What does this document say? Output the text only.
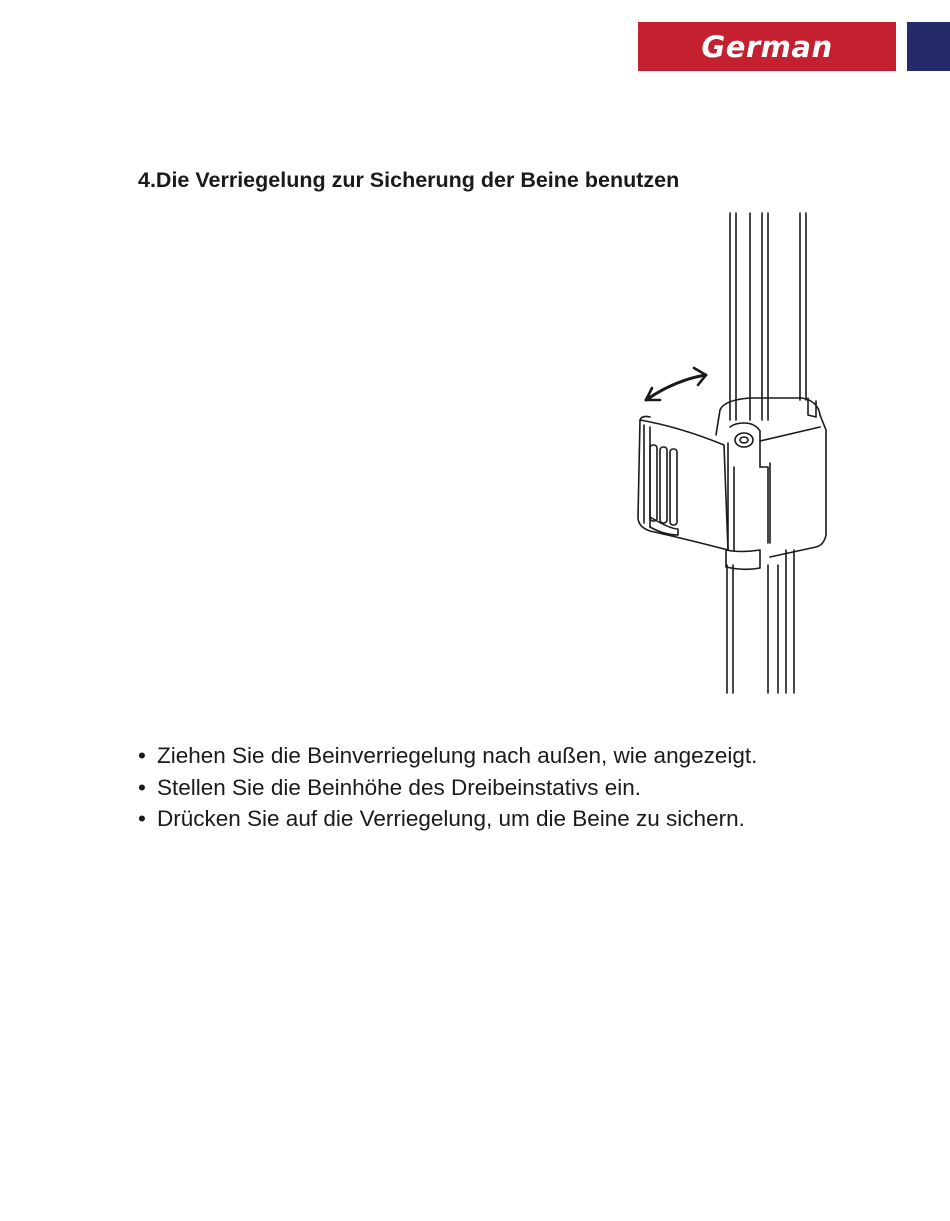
German
4.Die Verriegelung zur Sicherung der Beine benutzen
• Ziehen Sie die Beinverriegelung nach außen, wie angezeigt.
• Stellen Sie die Beinhöhe des Dreibeinstativs ein.
• Drücken Sie auf die Verriegelung, um die Beine zu sichern.
